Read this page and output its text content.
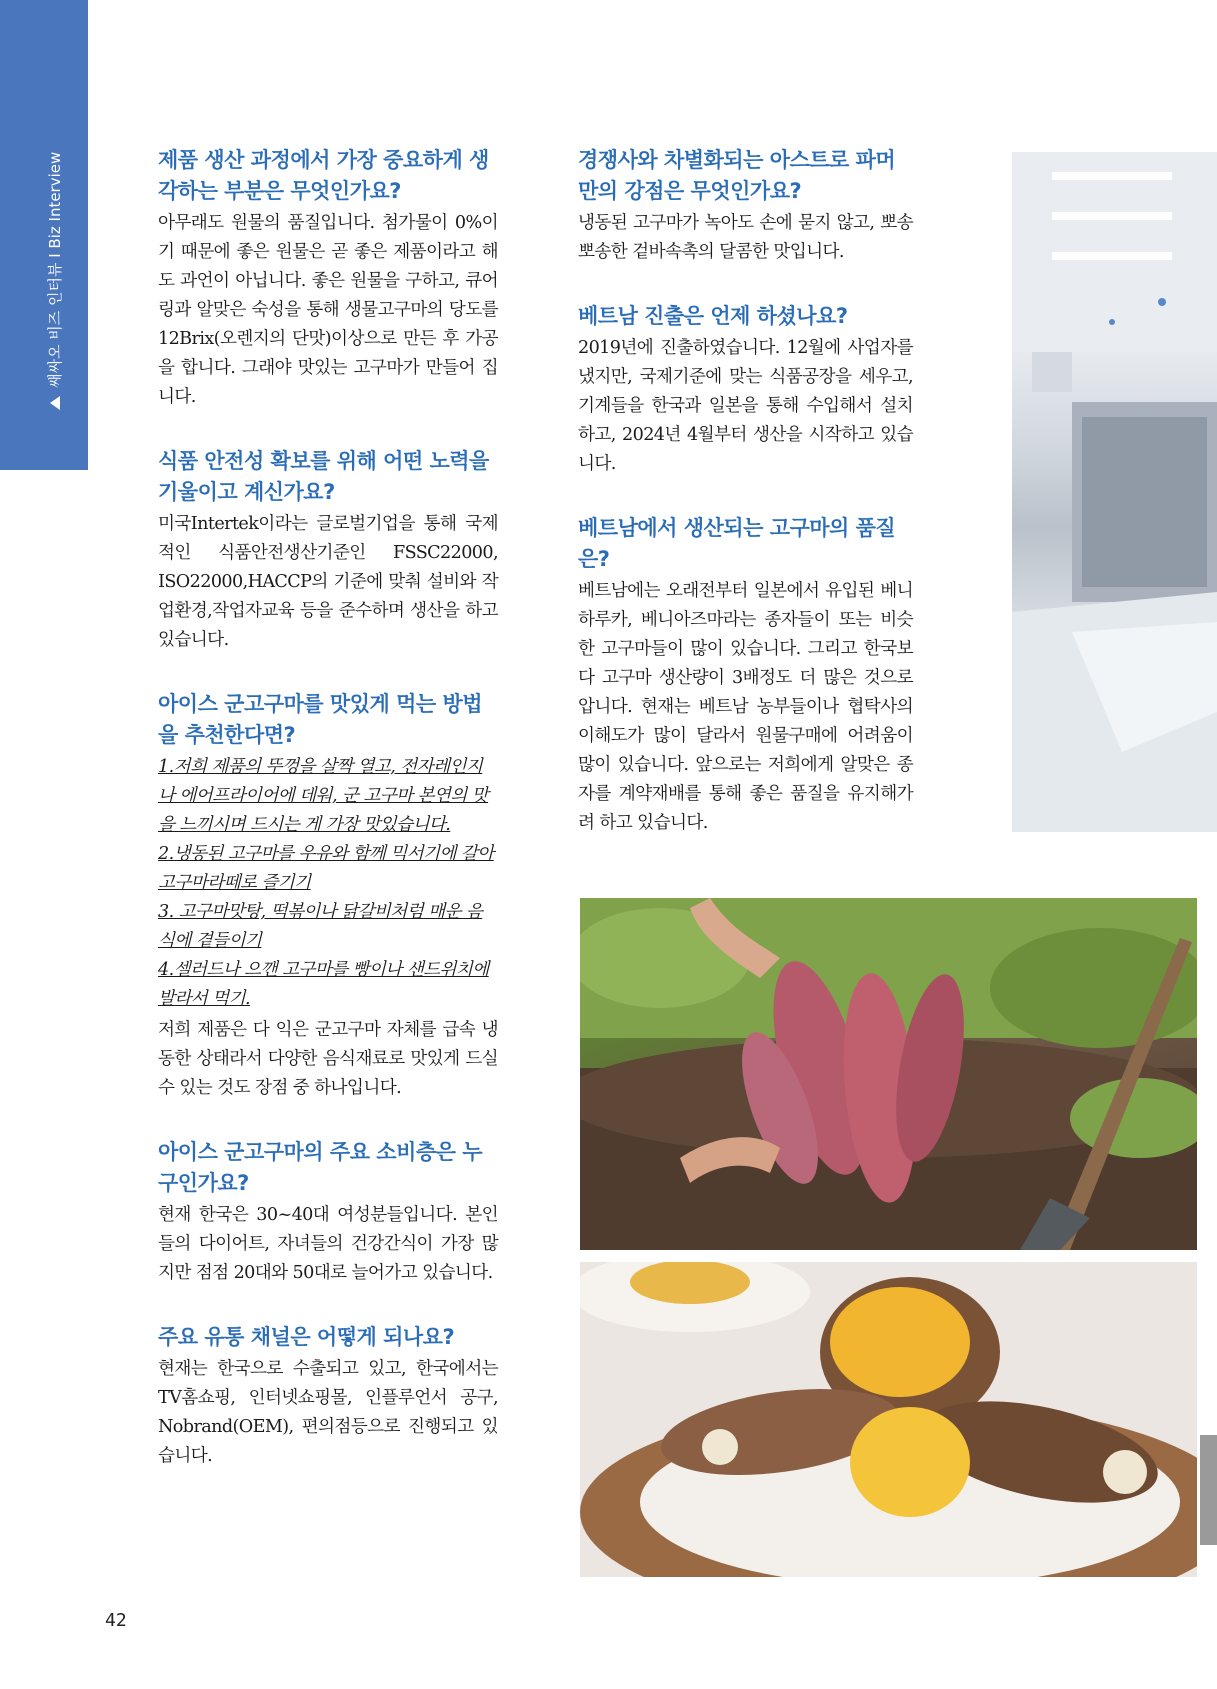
쌔싸오 비즈 인터뷰 I Biz Interview	제품 생산 과정에서 가장 중요하게 생각하는 부분은 무엇인가요?

아무래도 원물의 품질입니다. 첨가물이 0%이기 때문에 좋은 원물은 곧 좋은 제품이라고 해도 과언이 아닙니다. 좋은 원물을 구하고, 큐어링과 알맞은 숙성을 통해 생물고구마의 당도를 12Brix(오렌지의 단맛)이상으로 만든 후 가공을 합니다. 그래야 맛있는 고구마가 만들어 집니다.

식품 안전성 확보를 위해 어떤 노력을 기울이고 계신가요?

미국Intertek이라는 글로벌기업을 통해 국제적인 식품안전생산기준인 FSSC22000, ISO22000,HACCP의 기준에 맞춰 설비와 작업환경,작업자교육 등을 준수하며 생산을 하고 있습니다.

아이스 군고구마를 맛있게 먹는 방법을 추천한다면?

1.저희 제품의 뚜껑을 살짝 열고, 전자레인지나 에어프라이어에 데워, 군 고구마 본연의 맛을 느끼시며 드시는 게 가장 맛있습니다.

2.냉동된 고구마를 우유와 함께 믹서기에 갈아 고구마라떼로 즐기기

3. 고구마맛탕, 떡볶이나 닭갈비처럼 매운 음식에 곁들이기

4.셀러드나 으깬 고구마를 빵이나 샌드위치에 발라서 먹기.

저희 제품은 다 익은 군고구마 자체를 급속 냉동한 상태라서 다양한 음식재료로 맛있게 드실 수 있는 것도 장점 중 하나입니다.

아이스 군고구마의 주요 소비층은 누구인가요?

현재 한국은 30~40대 여성분들입니다. 본인들의 다이어트, 자녀들의 건강간식이 가장 많지만 점점 20대와 50대로 늘어가고 있습니다.

주요 유통 채널은 어떻게 되나요?

현재는 한국으로 수출되고 있고, 한국에서는 TV홈쇼핑, 인터넷쇼핑몰, 인플루언서 공구, Nobrand(OEM), 편의점등으로 진행되고 있습니다.

경쟁사와 차별화되는 아스트로 파머만의 강점은 무엇인가요?

냉동된 고구마가 녹아도 손에 묻지 않고, 뽀송뽀송한 겉바속촉의 달콤한 맛입니다.

베트남 진출은 언제 하셨나요?

2019년에 진출하였습니다. 12월에 사업자를 냈지만, 국제기준에 맞는 식품공장을 세우고, 기계들을 한국과 일본을 통해 수입해서 설치하고, 2024년 4월부터 생산을 시작하고 있습니다.

베트남에서 생산되는 고구마의 품질은?

베트남에는 오래전부터 일본에서 유입된 베니하루카, 베니아즈마라는 종자들이 또는 비슷한 고구마들이 많이 있습니다. 그리고 한국보다 고구마 생산량이 3배정도 더 많은 것으로 압니다. 현재는 베트남 농부들이나 협탁사의 이해도가 많이 달라서 원물구매에 어려움이 많이 있습니다. 앞으로는 저희에게 알맞은 종자를 계약재배를 통해 좋은 품질을 유지해가려 하고 있습니다.

42
